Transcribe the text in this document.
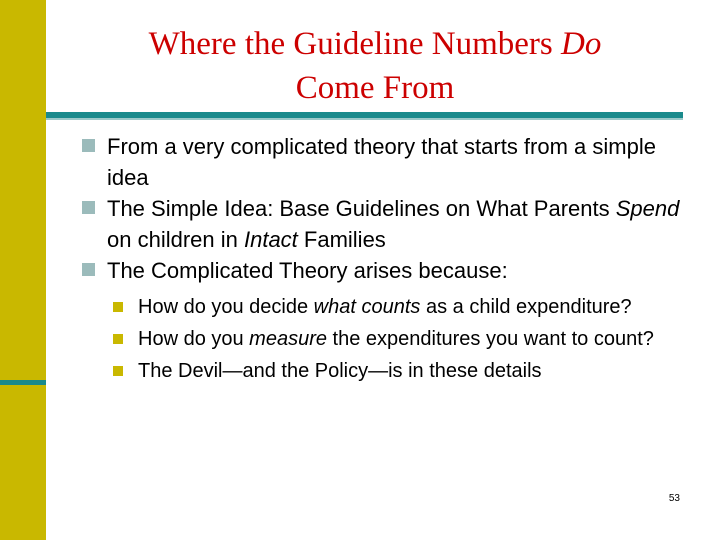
Where the Guideline Numbers Do
Come From
From a very complicated theory that starts from a simple idea
The Simple Idea: Base Guidelines on What Parents Spend on children in Intact Families
The Complicated Theory arises because:
How do you decide what counts as a child expenditure?
How do you measure the expenditures you want to count?
The Devil—and the Policy—is in these details
53
